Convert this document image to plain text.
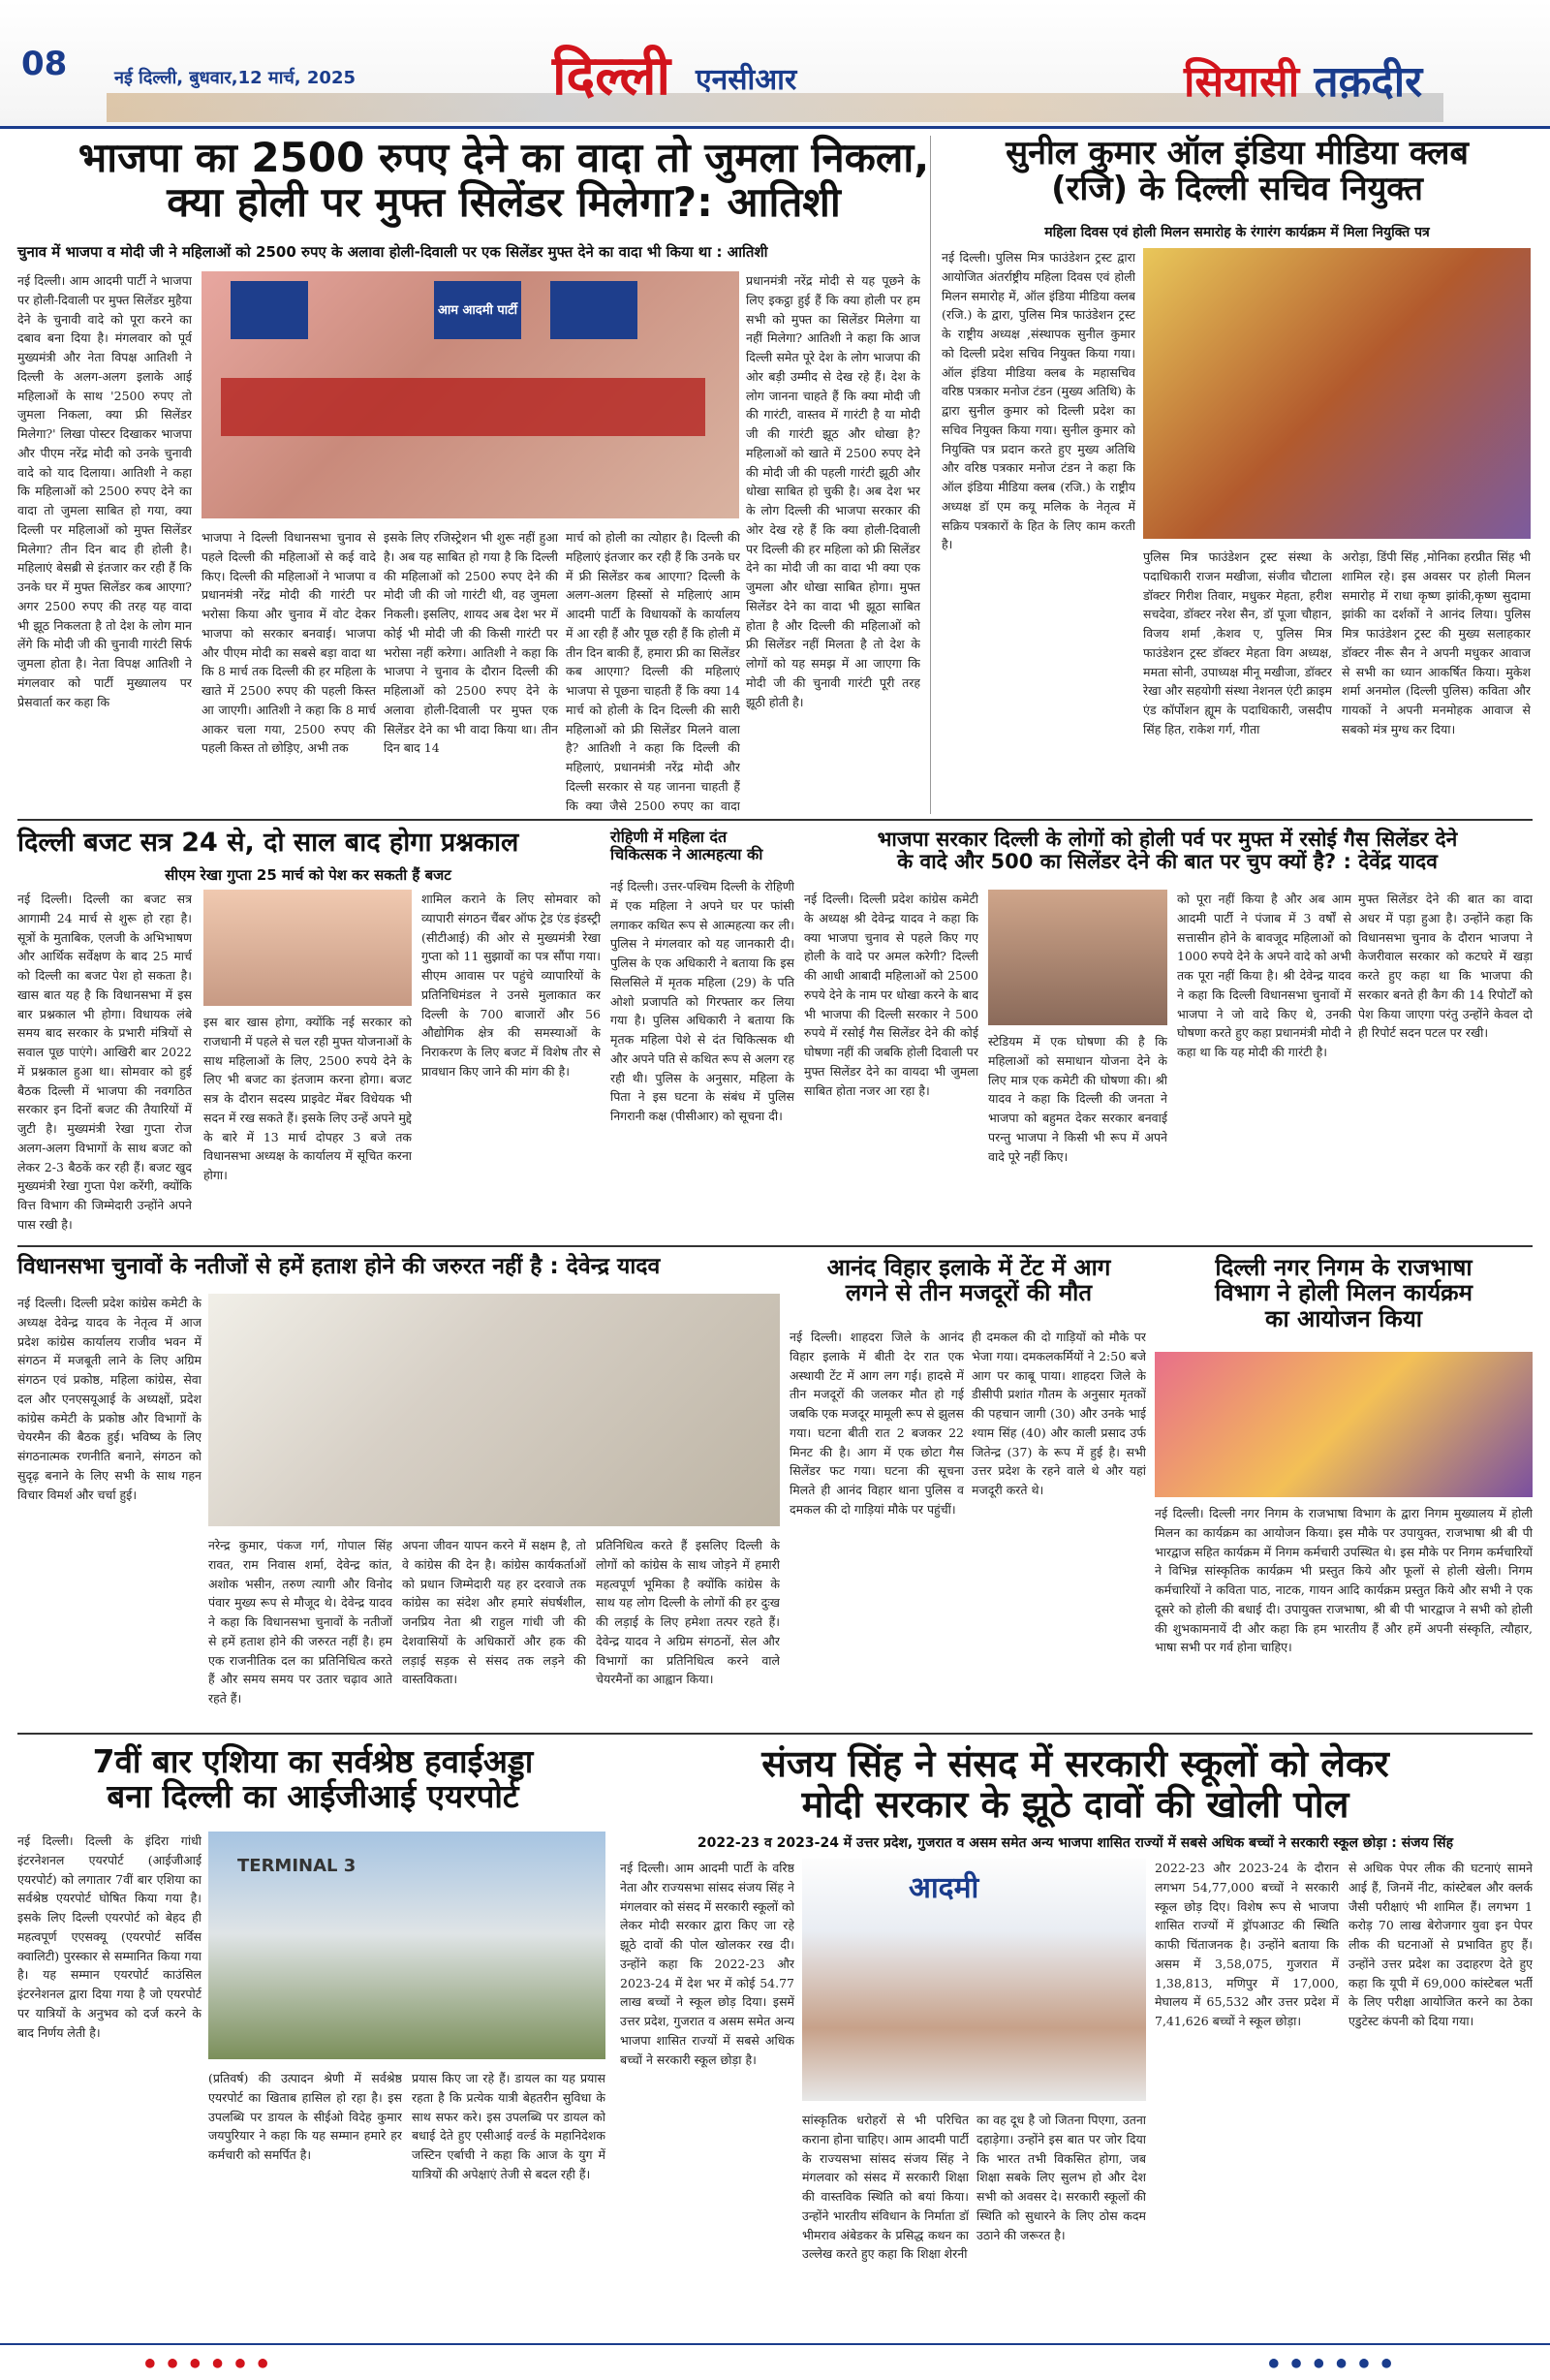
08	नई दिल्ली, बुधवार,12 मार्च, 2025	दिल्ली एनसीआर	सियासी तक़दीर
भाजपा का 2500 रुपए देने का वादा तो जुमला निकला,
क्या होली पर मुफ्त सिलेंडर मिलेगा?: आतिशी
चुनाव में भाजपा व मोदी जी ने महिलाओं को 2500 रुपए के अलावा होली-दिवाली पर एक सिलेंडर मुफ्त देने का वादा भी किया था : आतिशी
नई दिल्ली। आम आदमी पार्टी ने भाजपा पर होली-दिवाली पर मुफ्त सिलेंडर मुहैया देने के चुनावी वादे को पूरा करने का दबाव बना दिया है। मंगलवार को पूर्व मुख्यमंत्री और नेता विपक्ष आतिशी ने दिल्ली के अलग-अलग इलाके आई महिलाओं के साथ '2500 रुपए तो जुमला निकला, क्या फ्री सिलेंडर मिलेगा?' लिखा पोस्टर दिखाकर भाजपा और पीएम नरेंद्र मोदी को उनके चुनावी वादे को याद दिलाया। आतिशी ने कहा कि महिलाओं को 2500 रुपए देने का वादा तो जुमला साबित हो गया, क्या दिल्ली पर महिलाओं को मुफ्त सिलेंडर मिलेगा? तीन दिन बाद ही होली है। महिलाएं बेसब्री से इंतजार कर रही हैं कि उनके घर में मुफ्त सिलेंडर कब आएगा? अगर 2500 रुपए की तरह यह वादा भी झूठ निकलता है तो देश के लोग मान लेंगे कि मोदी जी की चुनावी गारंटी सिर्फ जुमला होता है। नेता विपक्ष आतिशी ने मंगलवार को पार्टी मुख्यालय पर प्रेसवार्ता कर कहा कि
आम आदमी पार्टी
भाजपा ने दिल्ली विधानसभा चुनाव से पहले दिल्ली की महिलाओं से कई वादे किए। दिल्ली की महिलाओं ने भाजपा व प्रधानमंत्री नरेंद्र मोदी की गारंटी पर भरोसा किया और चुनाव में वोट देकर भाजपा को सरकार बनवाई। भाजपा और पीएम मोदी का सबसे बड़ा वादा था कि 8 मार्च तक दिल्ली की हर महिला के खाते में 2500 रुपए की पहली किस्त आ जाएगी। आतिशी ने कहा कि 8 मार्च आकर चला गया, 2500 रुपए की पहली किस्त तो छोड़िए, अभी तक
इसके लिए रजिस्ट्रेशन भी शुरू नहीं हुआ है। अब यह साबित हो गया है कि दिल्ली की महिलाओं को 2500 रुपए देने की मोदी जी की जो गारंटी थी, वह जुमला निकली। इसलिए, शायद अब देश भर में कोई भी मोदी जी की किसी गारंटी पर भरोसा नहीं करेगा। आतिशी ने कहा कि भाजपा ने चुनाव के दौरान दिल्ली की महिलाओं को 2500 रुपए देने के अलावा होली-दिवाली पर मुफ्त एक सिलेंडर देने का भी वादा किया था। तीन दिन बाद 14
मार्च को होली का त्योहार है। दिल्ली की महिलाएं इंतजार कर रही हैं कि उनके घर में फ्री सिलेंडर कब आएगा? दिल्ली के अलग-अलग हिस्सों से महिलाएं आम आदमी पार्टी के विधायकों के कार्यालय में आ रही हैं और पूछ रही हैं कि होली में तीन दिन बाकी हैं, हमारा फ्री का सिलेंडर कब आएगा? दिल्ली की महिलाएं भाजपा से पूछना चाहती हैं कि क्या 14 मार्च को होली के दिन दिल्ली की सारी महिलाओं को फ्री सिलेंडर मिलने वाला है? आतिशी ने कहा कि दिल्ली की महिलाएं, प्रधानमंत्री नरेंद्र मोदी और दिल्ली सरकार से यह जानना चाहती हैं कि क्या जैसे 2500 रुपए का वादा
प्रधानमंत्री नरेंद्र मोदी से यह पूछने के लिए इकट्ठा हुई हैं कि क्या होली पर हम सभी को मुफ्त का सिलेंडर मिलेगा या नहीं मिलेगा? आतिशी ने कहा कि आज दिल्ली समेत पूरे देश के लोग भाजपा की ओर बड़ी उम्मीद से देख रहे हैं। देश के लोग जानना चाहते हैं कि क्या मोदी जी की गारंटी, वास्तव में गारंटी है या मोदी जी की गारंटी झूठ और धोखा है? महिलाओं को खाते में 2500 रुपए देने की मोदी जी की पहली गारंटी झूठी और धोखा साबित हो चुकी है। अब देश भर के लोग दिल्ली की भाजपा सरकार की ओर देख रहे हैं कि क्या होली-दिवाली पर दिल्ली की हर महिला को फ्री सिलेंडर देने का मोदी जी का वादा भी क्या एक जुमला और धोखा साबित होगा। मुफ्त सिलेंडर देने का वादा भी झूठा साबित होता है और दिल्ली की महिलाओं को फ्री सिलेंडर नहीं मिलता है तो देश के लोगों को यह समझ में आ जाएगा कि मोदी जी की चुनावी गारंटी पूरी तरह झूठी होती है।
सुनील कुमार ऑल इंडिया मीडिया क्लब
(रजि) के दिल्ली सचिव नियुक्त
महिला दिवस एवं होली मिलन समारोह के रंगारंग कार्यक्रम में मिला नियुक्ति पत्र
नई दिल्ली। पुलिस मित्र फाउंडेशन ट्रस्ट द्वारा आयोजित अंतर्राष्ट्रीय महिला दिवस एवं होली मिलन समारोह में, ऑल इंडिया मीडिया क्लब (रजि.) के द्वारा, पुलिस मित्र फाउंडेशन ट्रस्ट के राष्ट्रीय अध्यक्ष ,संस्थापक सुनील कुमार को दिल्ली प्रदेश सचिव नियुक्त किया गया। ऑल इंडिया मीडिया क्लब के महासचिव वरिष्ठ पत्रकार मनोज टंडन (मुख्य अतिथि) के द्वारा सुनील कुमार को दिल्ली प्रदेश का सचिव नियुक्त किया गया। सुनील कुमार को नियुक्ति पत्र प्रदान करते हुए मुख्य अतिथि और वरिष्ठ पत्रकार मनोज टंडन ने कहा कि ऑल इंडिया मीडिया क्लब (रजि.) के राष्ट्रीय अध्यक्ष डॉ एम कयू मलिक के नेतृत्व में सक्रिय पत्रकारों के हित के लिए काम करती है।
पुलिस मित्र फाउंडेशन ट्रस्ट संस्था के पदाधिकारी राजन मखीजा, संजीव चौटाला डॉक्टर गिरीश तिवार, मधुकर मेहता, हरीश सचदेवा, डॉक्टर नरेश सैन, डॉ पूजा चौहान, विजय शर्मा ,केशव ए, पुलिस मित्र फाउंडेशन ट्रस्ट डॉक्टर मेहता विग अध्यक्ष, ममता सोनी, उपाध्यक्ष मीनू मखीजा, डॉक्टर रेखा और सहयोगी संस्था नेशनल एंटी क्राइम एंड कॉर्पोशन ह्यूम के पदाधिकारी, जसदीप सिंह हित, राकेश गर्ग, गीता
अरोड़ा, डिंपी सिंह ,मोनिका हरप्रीत सिंह भी शामिल रहे। इस अवसर पर होली मिलन समारोह में राधा कृष्ण झांकी,कृष्ण सुदामा झांकी का दर्शकों ने आनंद लिया। पुलिस मित्र फाउंडेशन ट्रस्ट की मुख्य सलाहकार डॉक्टर नीरू सैन ने अपनी मधुकर आवाज से सभी का ध्यान आकर्षित किया। मुकेश शर्मा अनमोल (दिल्ली पुलिस) कविता और गायकों ने अपनी मनमोहक आवाज से सबको मंत्र मुग्ध कर दिया।
दिल्ली बजट सत्र 24 से, दो साल बाद होगा प्रश्नकाल
सीएम रेखा गुप्ता 25 मार्च को पेश कर सकती हैं बजट
नई दिल्ली। दिल्ली का बजट सत्र आगामी 24 मार्च से शुरू हो रहा है। सूत्रों के मुताबिक, एलजी के अभिभाषण और आर्थिक सर्वेक्षण के बाद 25 मार्च को दिल्ली का बजट पेश हो सकता है। खास बात यह है कि विधानसभा में इस बार प्रश्नकाल भी होगा। विधायक लंबे समय बाद सरकार के प्रभारी मंत्रियों से सवाल पूछ पाएंगे। आखिरी बार 2022 में प्रश्नकाल हुआ था। सोमवार को हुई बैठक दिल्ली में भाजपा की नवगठित सरकार इन दिनों बजट की तैयारियों में जुटी है। मुख्यमंत्री रेखा गुप्ता रोज अलग-अलग विभागों के साथ बजट को लेकर 2-3 बैठकें कर रही हैं। बजट खुद मुख्यमंत्री रेखा गुप्ता पेश करेंगी, क्योंकि वित्त विभाग की जिम्मेदारी उन्होंने अपने पास रखी है।
इस बार खास होगा, क्योंकि नई सरकार को राजधानी में पहले से चल रही मुफ्त योजनाओं के साथ महिलाओं के लिए, 2500 रुपये देने के लिए भी बजट का इंतजाम करना होगा। बजट सत्र के दौरान सदस्य प्राइवेट मेंबर विधेयक भी सदन में रख सकते हैं। इसके लिए उन्हें अपने मुद्दे के बारे में 13 मार्च दोपहर 3 बजे तक विधानसभा अध्यक्ष के कार्यालय में सूचित करना होगा।
शामिल कराने के लिए सोमवार को व्यापारी संगठन चैंबर ऑफ ट्रेड एंड इंडस्ट्री (सीटीआई) की ओर से मुख्यमंत्री रेखा गुप्ता को 11 सुझावों का पत्र सौंपा गया। सीएम आवास पर पहुंचे व्यापारियों के प्रतिनिधिमंडल ने उनसे मुलाकात कर दिल्ली के 700 बाजारों और 56 औद्योगिक क्षेत्र की समस्याओं के निराकरण के लिए बजट में विशेष तौर से प्रावधान किए जाने की मांग की है।
रोहिणी में महिला दंत
चिकित्सक ने आत्महत्या की
नई दिल्ली। उत्तर-पश्चिम दिल्ली के रोहिणी में एक महिला ने अपने घर पर फांसी लगाकर कथित रूप से आत्महत्या कर ली। पुलिस ने मंगलवार को यह जानकारी दी। पुलिस के एक अधिकारी ने बताया कि इस सिलसिले में मृतक महिला (29) के पति ओशो प्रजापति को गिरफ्तार कर लिया गया है। पुलिस अधिकारी ने बताया कि मृतक महिला पेशे से दंत चिकित्सक थी और अपने पति से कथित रूप से अलग रह रही थी। पुलिस के अनुसार, महिला के पिता ने इस घटना के संबंध में पुलिस निगरानी कक्ष (पीसीआर) को सूचना दी।
भाजपा सरकार दिल्ली के लोगों को होली पर्व पर मुफ्त में रसोई गैस सिलेंडर देने
के वादे और 500 का सिलेंडर देने की बात पर चुप क्यों है? : देवेंद्र यादव
नई दिल्ली। दिल्ली प्रदेश कांग्रेस कमेटी के अध्यक्ष श्री देवेन्द्र यादव ने कहा कि क्या भाजपा चुनाव से पहले किए गए होली के वादे पर अमल करेगी? दिल्ली की आधी आबादी महिलाओं को 2500 रुपये देने के नाम पर धोखा करने के बाद भी भाजपा की दिल्ली सरकार ने 500 रुपये में रसोई गैस सिलेंडर देने की कोई घोषणा नहीं की जबकि होली दिवाली पर मुफ्त सिलेंडर देने का वायदा भी जुमला साबित होता नजर आ रहा है।
स्टेडियम में एक घोषणा की है कि महिलाओं को समाधान योजना देने के लिए मात्र एक कमेटी की घोषणा की। श्री यादव ने कहा कि दिल्ली की जनता ने भाजपा को बहुमत देकर सरकार बनवाई परन्तु भाजपा ने किसी भी रूप में अपने वादे पूरे नहीं किए।
को पूरा नहीं किया है और अब आम आदमी पार्टी ने पंजाब में 3 वर्षों से सत्तासीन होने के बावजूद महिलाओं को 1000 रुपये देने के अपने वादे को अभी तक पूरा नहीं किया है। श्री देवेन्द्र यादव ने कहा कि दिल्ली विधानसभा चुनावों में भाजपा ने जो वादे किए थे, उनकी घोषणा करते हुए कहा प्रधानमंत्री मोदी ने कहा था कि यह मोदी की गारंटी है।
मुफ्त सिलेंडर देने की बात का वादा अधर में पड़ा हुआ है। उन्होंने कहा कि विधानसभा चुनाव के दौरान भाजपा ने केजरीवाल सरकार को कटघरे में खड़ा करते हुए कहा था कि भाजपा की सरकार बनते ही कैग की 14 रिपोर्टों को पेश किया जाएगा परंतु उन्होंने केवल दो ही रिपोर्ट सदन पटल पर रखी।
विधानसभा चुनावों के नतीजों से हमें हताश होने की जरुरत नहीं है : देवेन्द्र यादव
नई दिल्ली। दिल्ली प्रदेश कांग्रेस कमेटी के अध्यक्ष देवेन्द्र यादव के नेतृत्व में आज प्रदेश कांग्रेस कार्यालय राजीव भवन में संगठन में मजबूती लाने के लिए अग्रिम संगठन एवं प्रकोष्ठ, महिला कांग्रेस, सेवा दल और एनएसयूआई के अध्यक्षों, प्रदेश कांग्रेस कमेटी के प्रकोष्ठ और विभागों के चेयरमैन की बैठक हुई। भविष्य के लिए संगठनात्मक रणनीति बनाने, संगठन को सुदृढ़ बनाने के लिए सभी के साथ गहन विचार विमर्श और चर्चा हुई।
नरेन्द्र कुमार, पंकज गर्ग, गोपाल सिंह रावत, राम निवास शर्मा, देवेन्द्र कांत, अशोक भसीन, तरुण त्यागी और विनोद पंवार मुख्य रूप से मौजूद थे। देवेन्द्र यादव ने कहा कि विधानसभा चुनावों के नतीजों से हमें हताश होने की जरुरत नहीं है। हम एक राजनीतिक दल का प्रतिनिधित्व करते हैं और समय समय पर उतार चढ़ाव आते रहते हैं।
अपना जीवन यापन करने में सक्षम है, तो वे कांग्रेस की देन है। कांग्रेस कार्यकर्ताओं को प्रधान जिम्मेदारी यह हर दरवाजे तक कांग्रेस का संदेश और हमारे संघर्षशील, जनप्रिय नेता श्री राहुल गांधी जी की देशवासियों के अधिकारों और हक की लड़ाई सड़क से संसद तक लड़ने की वास्तविकता।
प्रतिनिधित्व करते हैं इसलिए दिल्ली के लोगों को कांग्रेस के साथ जोड़ने में हमारी महत्वपूर्ण भूमिका है क्योंकि कांग्रेस के साथ यह लोग दिल्ली के लोगों की हर दुःख की लड़ाई के लिए हमेशा तत्पर रहते हैं। देवेन्द्र यादव ने अग्रिम संगठनों, सेल और विभागों का प्रतिनिधित्व करने वाले चेयरमैनों का आह्वान किया।
आनंद विहार इलाके में टेंट में आग
लगने से तीन मजदूरों की मौत
नई दिल्ली। शाहदरा जिले के आनंद विहार इलाके में बीती देर रात एक अस्थायी टेंट में आग लग गई। हादसे में तीन मजदूरों की जलकर मौत हो गई जबकि एक मजदूर मामूली रूप से झुलस गया। घटना बीती रात 2 बजकर 22 मिनट की है। आग में एक छोटा गैस सिलेंडर फट गया। घटना की सूचना मिलते ही आनंद विहार थाना पुलिस व दमकल की दो गाड़ियां मौके पर पहुंचीं।
ही दमकल की दो गाड़ियों को मौके पर भेजा गया। दमकलकर्मियों ने 2:50 बजे आग पर काबू पाया। शाहदरा जिले के डीसीपी प्रशांत गौतम के अनुसार मृतकों की पहचान जागी (30) और उनके भाई श्याम सिंह (40) और काली प्रसाद उर्फ जितेन्द्र (37) के रूप में हुई है। सभी उत्तर प्रदेश के रहने वाले थे और यहां मजदूरी करते थे।
दिल्ली नगर निगम के राजभाषा
विभाग ने होली मिलन कार्यक्रम
का आयोजन किया
नई दिल्ली। दिल्ली नगर निगम के राजभाषा विभाग के द्वारा निगम मुख्यालय में होली मिलन का कार्यक्रम का आयोजन किया। इस मौके पर उपायुक्त, राजभाषा श्री बी पी भारद्वाज सहित कार्यक्रम में निगम कर्मचारी उपस्थित थे। इस मौके पर निगम कर्मचारियों ने विभिन्न सांस्कृतिक कार्यक्रम भी प्रस्तुत किये और फूलों से होली खेली। निगम कर्मचारियों ने कविता पाठ, नाटक, गायन आदि कार्यक्रम प्रस्तुत किये और सभी ने एक दूसरे को होली की बधाई दी। उपायुक्त राजभाषा, श्री बी पी भारद्वाज ने सभी को होली की शुभकामनायें दी और कहा कि हम भारतीय हैं और हमें अपनी संस्कृति, त्यौहार, भाषा सभी पर गर्व होना चाहिए।
7वीं बार एशिया का सर्वश्रेष्ठ हवाईअड्डा
बना दिल्ली का आईजीआई एयरपोर्ट
नई दिल्ली। दिल्ली के इंदिरा गांधी इंटरनेशनल एयरपोर्ट (आईजीआई एयरपोर्ट) को लगातार 7वीं बार एशिया का सर्वश्रेष्ठ एयरपोर्ट घोषित किया गया है। इसके लिए दिल्ली एयरपोर्ट को बेहद ही महत्वपूर्ण एएसक्यू (एयरपोर्ट सर्विस क्वालिटी) पुरस्कार से सम्मानित किया गया है। यह सम्मान एयरपोर्ट काउंसिल इंटरनेशनल द्वारा दिया गया है जो एयरपोर्ट पर यात्रियों के अनुभव को दर्ज करने के बाद निर्णय लेती है।
TERMINAL 3
(प्रतिवर्ष) की उत्पादन श्रेणी में सर्वश्रेष्ठ एयरपोर्ट का खिताब हासिल हो रहा है। इस उपलब्धि पर डायल के सीईओ विदेह कुमार जयपुरियार ने कहा कि यह सम्मान हमारे हर कर्मचारी को समर्पित है।
प्रयास किए जा रहे हैं। डायल का यह प्रयास रहता है कि प्रत्येक यात्री बेहतरीन सुविधा के साथ सफर करे। इस उपलब्धि पर डायल को बधाई देते हुए एसीआई वर्ल्ड के महानिदेशक जस्टिन एर्बाची ने कहा कि आज के युग में यात्रियों की अपेक्षाएं तेजी से बदल रही हैं।
संजय सिंह ने संसद में सरकारी स्कूलों को लेकर
मोदी सरकार के झूठे दावों की खोली पोल
2022-23 व 2023-24 में उत्तर प्रदेश, गुजरात व असम समेत अन्य भाजपा शासित राज्यों में सबसे अधिक बच्चों ने सरकारी स्कूल छोड़ा : संजय सिंह
नई दिल्ली। आम आदमी पार्टी के वरिष्ठ नेता और राज्यसभा सांसद संजय सिंह ने मंगलवार को संसद में सरकारी स्कूलों को लेकर मोदी सरकार द्वारा किए जा रहे झूठे दावों की पोल खोलकर रख दी। उन्होंने कहा कि 2022-23 और 2023-24 में देश भर में कोई 54.77 लाख बच्चों ने स्कूल छोड़ दिया। इसमें उत्तर प्रदेश, गुजरात व असम समेत अन्य भाजपा शासित राज्यों में सबसे अधिक बच्चों ने सरकारी स्कूल छोड़ा है।
आदमी
सांस्कृतिक धरोहरों से भी परिचित कराना होना चाहिए। आम आदमी पार्टी के राज्यसभा सांसद संजय सिंह ने मंगलवार को संसद में सरकारी शिक्षा की वास्तविक स्थिति को बयां किया। उन्होंने भारतीय संविधान के निर्माता डॉ भीमराव अंबेडकर के प्रसिद्ध कथन का उल्लेख करते हुए कहा कि शिक्षा शेरनी
का वह दूध है जो जितना पिएगा, उतना दहाड़ेगा। उन्होंने इस बात पर जोर दिया कि भारत तभी विकसित होगा, जब शिक्षा सबके लिए सुलभ हो और देश सभी को अवसर दे। सरकारी स्कूलों की स्थिति को सुधारने के लिए ठोस कदम उठाने की जरूरत है।
2022-23 और 2023-24 के दौरान लगभग 54,77,000 बच्चों ने सरकारी स्कूल छोड़ दिए। विशेष रूप से भाजपा शासित राज्यों में ड्रॉपआउट की स्थिति काफी चिंताजनक है। उन्होंने बताया कि असम में 3,58,075, गुजरात में 1,38,813, मणिपुर में 17,000, मेघालय में 65,532 और उत्तर प्रदेश में 7,41,626 बच्चों ने स्कूल छोड़ा।
से अधिक पेपर लीक की घटनाएं सामने आई हैं, जिनमें नीट, कांस्टेबल और क्लर्क जैसी परीक्षाएं भी शामिल हैं। लगभग 1 करोड़ 70 लाख बेरोजगार युवा इन पेपर लीक की घटनाओं से प्रभावित हुए हैं। उन्होंने उत्तर प्रदेश का उदाहरण देते हुए कहा कि यूपी में 69,000 कांस्टेबल भर्ती के लिए परीक्षा आयोजित करने का ठेका एडुटेस्ट कंपनी को दिया गया।
● ● ● ● ● ●	● ● ● ● ● ●
